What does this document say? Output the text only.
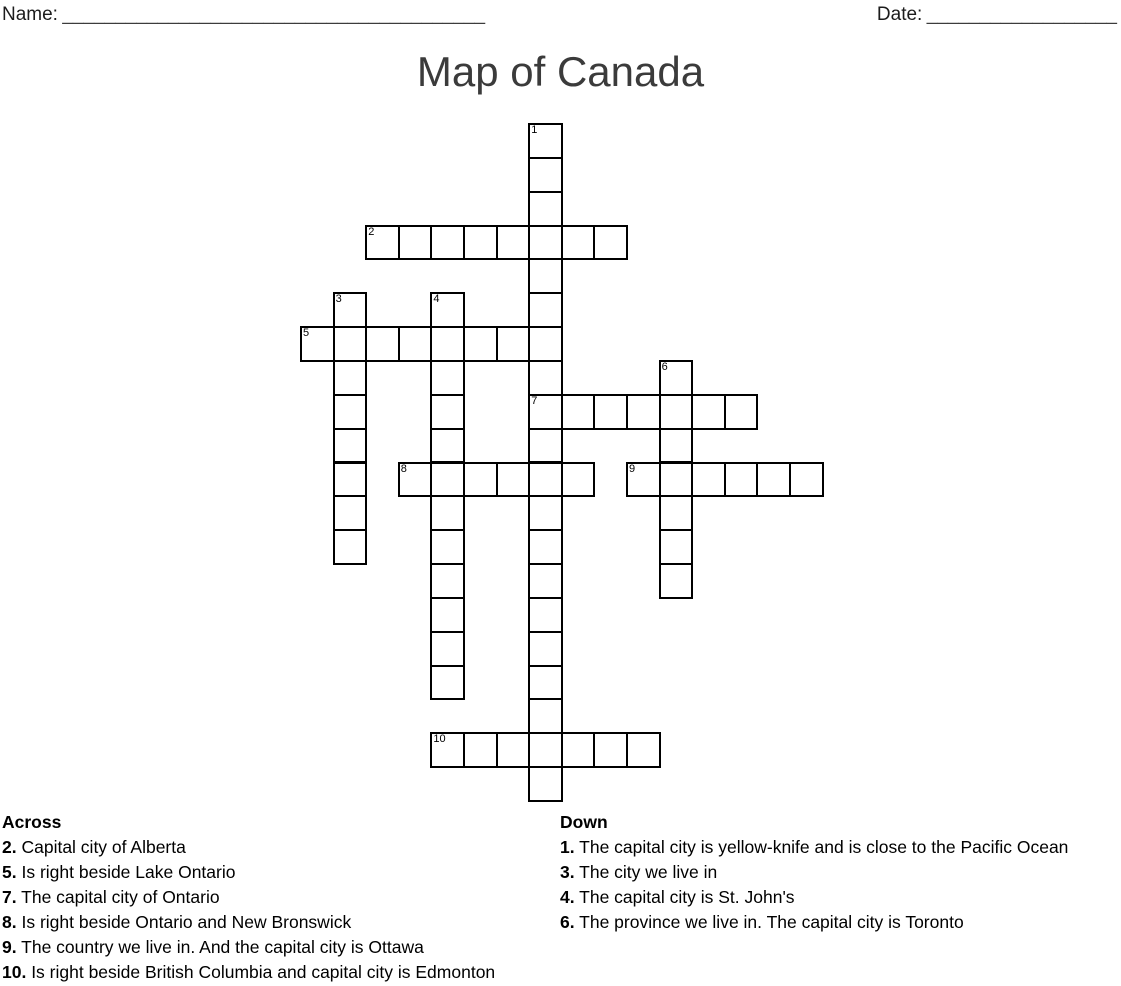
Name: ________________________________________	Date: __________________
Map of Canada
1
7
2
3	4
5
6
8	9
10
Across
2. Capital city of Alberta
5. Is right beside Lake Ontario
7. The capital city of Ontario
8. Is right beside Ontario and New Bronswick
9. The country we live in. And the capital city is Ottawa
10. Is right beside British Columbia and capital city is Edmonton
Down
1. The capital city is yellow-knife and is close to the Pacific Ocean
3. The city we live in
4. The capital city is St. John's
6. The province we live in. The capital city is Toronto
